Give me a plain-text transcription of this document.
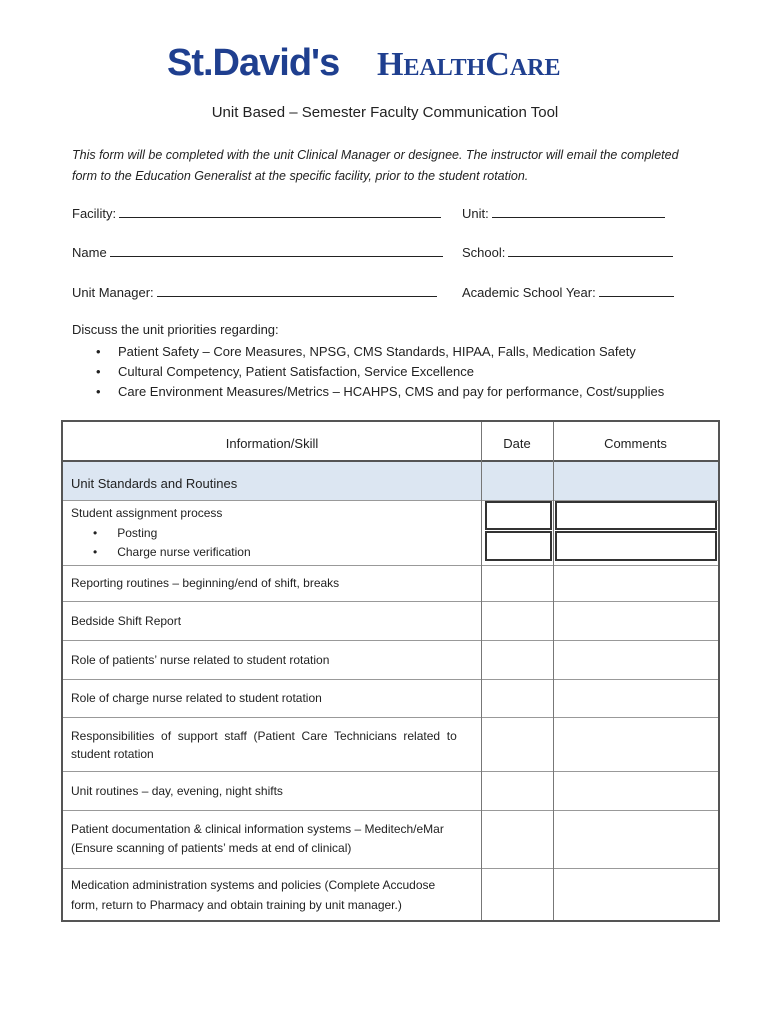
St.David's HealthCare
Unit Based – Semester Faculty Communication Tool
This form will be completed with the unit Clinical Manager or designee. The instructor will email the completed form to the Education Generalist at the specific facility, prior to the student rotation.
Facility:	Unit:
Name	School:
Unit Manager:	Academic School Year:
Discuss the unit priorities regarding:
• Patient Safety – Core Measures, NPSG, CMS Standards, HIPAA, Falls, Medication Safety
• Cultural Competency, Patient Satisfaction, Service Excellence
• Care Environment Measures/Metrics – HCAHPS, CMS and pay for performance, Cost/supplies
Information/Skill	Date	Comments
Unit Standards and Routines
Student assignment process
•      Posting
•      Charge nurse verification
Reporting routines – beginning/end of shift, breaks
Bedside Shift Report
Role of patients’ nurse related to student rotation
Role of charge nurse related to student rotation
Responsibilities  of  support  staff  (Patient  Care  Technicians  related  to
student rotation
Unit routines – day, evening, night shifts
Patient documentation & clinical information systems – Meditech/eMar
(Ensure scanning of patients’ meds at end of clinical)
Medication administration systems and policies (Complete Accudose
form, return to Pharmacy and obtain training by unit manager.)
